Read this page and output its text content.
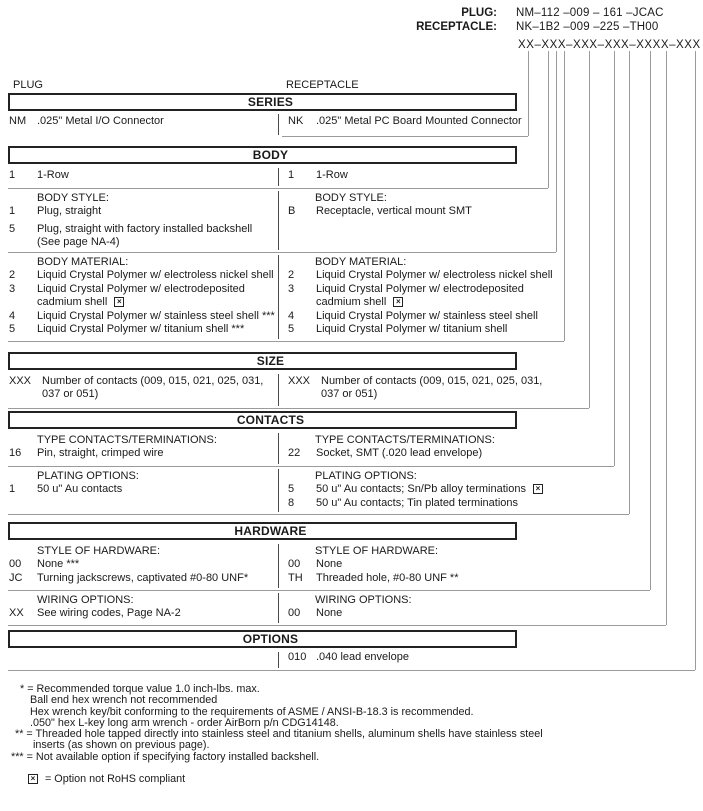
PLUG: NM–112 –009 – 161 –JCAC
RECEPTACLE: NK–1B2 –009 –225 –TH00
XX–XXX–XXX–XXX–XXXX–XXX
PLUG	RECEPTACLE
SERIES
NM .025" Metal I/O Connector	NK	.025" Metal PC Board Mounted Connector
BODY
1	1-Row	1	1-Row
BODY STYLE:
1	Plug, straight
5	Plug, straight with factory installed backshell
(See page NA-4)
BODY STYLE:
B	Receptacle, vertical mount SMT
BODY MATERIAL:
2	Liquid Crystal Polymer w/ electroless nickel shell
3	Liquid Crystal Polymer w/ electrodeposited
cadmium shell ×
4	Liquid Crystal Polymer w/ stainless steel shell ***
5	Liquid Crystal Polymer w/ titanium shell ***
BODY MATERIAL:
2	Liquid Crystal Polymer w/ electroless nickel shell
3	Liquid Crystal Polymer w/ electrodeposited
cadmium shell ×
4	Liquid Crystal Polymer w/ stainless steel shell
5	Liquid Crystal Polymer w/ titanium shell
SIZE
XXX Number of contacts (009, 015, 021, 025, 031,
037 or 051)
XXX Number of contacts (009, 015, 021, 025, 031,
037 or 051)
CONTACTS
TYPE CONTACTS/TERMINATIONS:
16	Pin, straight, crimped wire
TYPE CONTACTS/TERMINATIONS:
22	Socket, SMT (.020 lead envelope)
PLATING OPTIONS:
1	50 u" Au contacts
PLATING OPTIONS:
5	50 u" Au contacts; Sn/Pb alloy terminations ×
8	50 u" Au contacts; Tin plated terminations
HARDWARE
STYLE OF HARDWARE:
00	None ***
JC	Turning jackscrews, captivated #0-80 UNF*
STYLE OF HARDWARE:
00	None
TH	Threaded hole, #0-80 UNF **
WIRING OPTIONS:
XX	See wiring codes, Page NA-2
WIRING OPTIONS:
00	None
OPTIONS
010 .040 lead envelope
* = Recommended torque value 1.0 inch-lbs. max.
Ball end hex wrench not recommended
Hex wrench key/bit conforming to the requirements of ASME / ANSI-B-18.3 is recommended.
.050" hex L-key long arm wrench - order AirBorn p/n CDG14148.
** = Threaded hole tapped directly into stainless steel and titanium shells, aluminum shells have stainless steel
inserts (as shown on previous page).
*** = Not available option if specifying factory installed backshell.
× = Option not RoHS compliant
